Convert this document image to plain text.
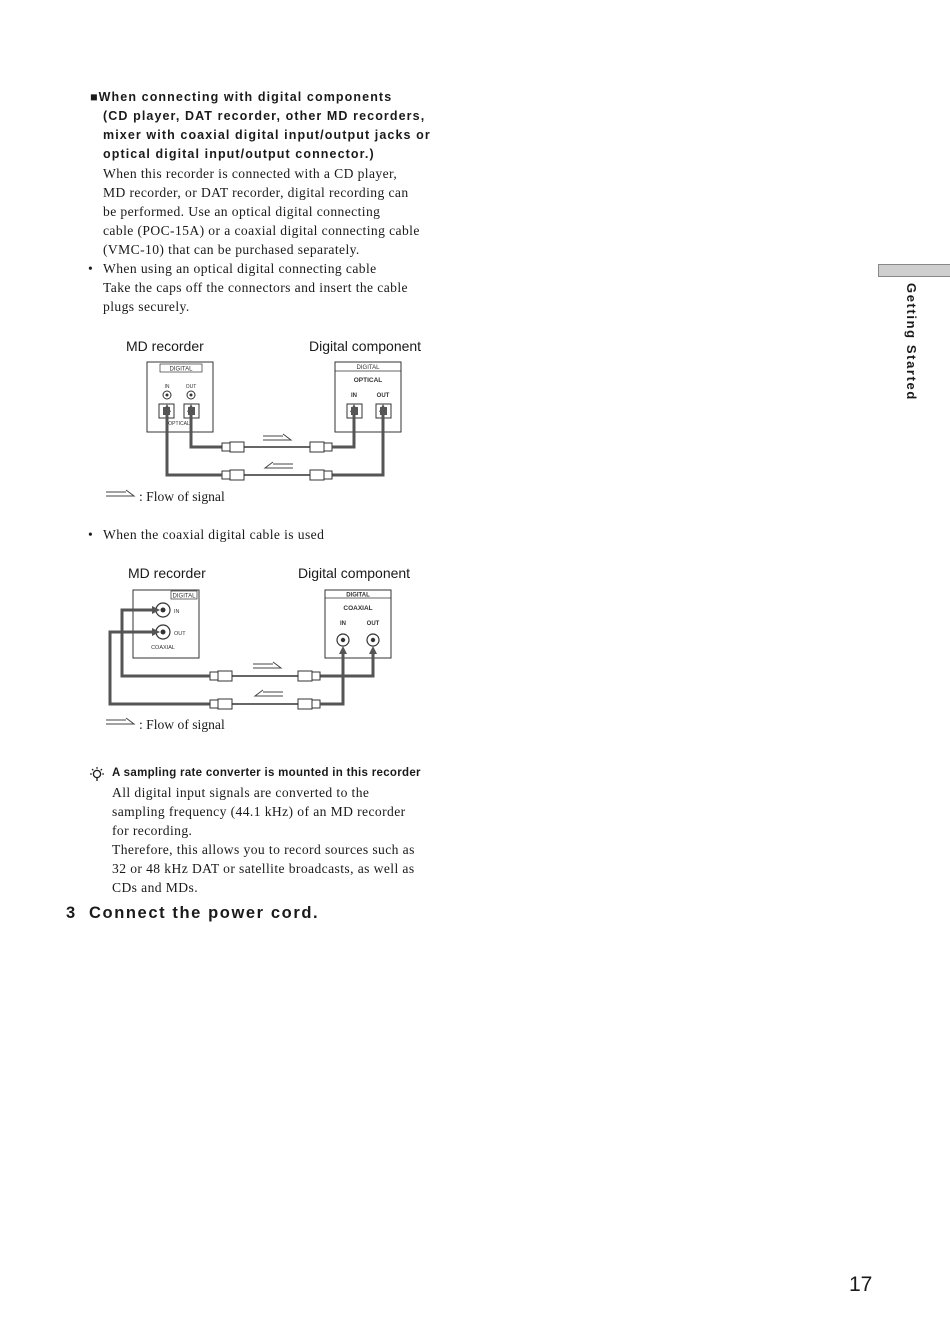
■When connecting with digital components
(CD player, DAT recorder, other MD recorders,
mixer with coaxial digital input/output jacks or
optical digital input/output connector.)
When this recorder is connected with a CD player,
MD recorder, or DAT recorder, digital recording can
be performed. Use an optical digital connecting
cable (POC-15A) or a coaxial digital connecting cable
(VMC-10) that can be purchased separately.
• When using an optical digital connecting cable
Take the caps off the connectors and insert the cable
plugs securely.
MD recorder	Digital component
DIGITAL
IN	OUT
OPTICAL
DIGITAL
OPTICAL
IN	OUT
: Flow of signal
• When the coaxial digital cable is used
MD recorder	Digital component
DIGITAL
IN
OUT
COAXIAL
DIGITAL
COAXIAL
IN	OUT
: Flow of signal
A sampling rate converter is mounted in this recorder
All digital input signals are converted to the
sampling frequency (44.1 kHz) of an MD recorder
for recording.
Therefore, this allows you to record sources such as
32 or 48 kHz DAT or satellite broadcasts, as well as
CDs and MDs.
3 Connect the power cord.
Getting Started
17
